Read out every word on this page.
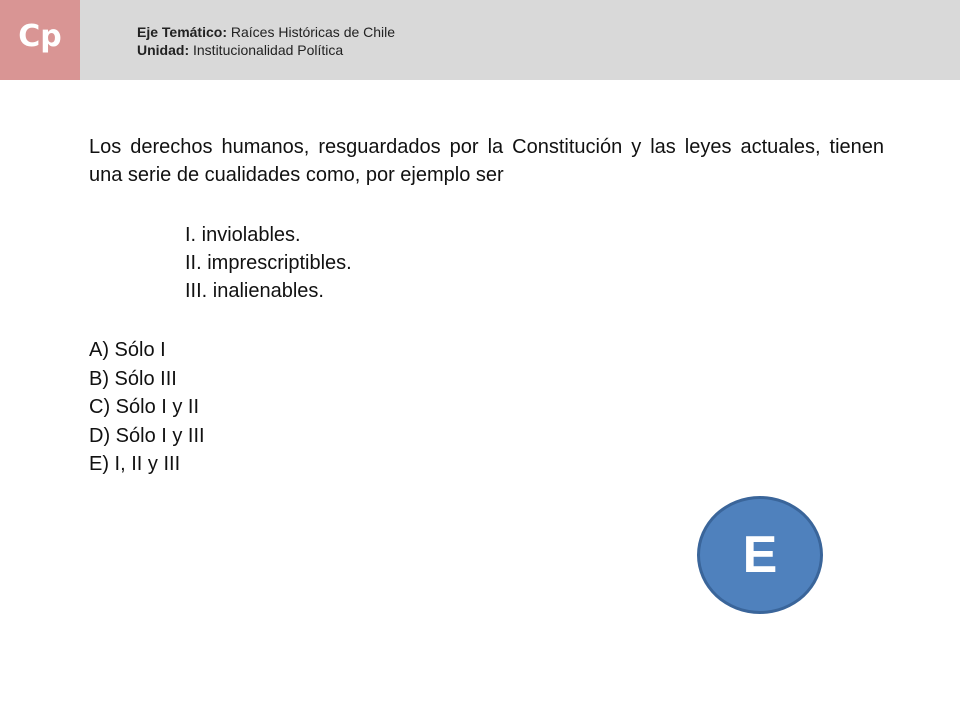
Cp	Eje Temático: Raíces Históricas de Chile
Unidad: Institucionalidad Política
Los derechos humanos, resguardados por la Constitución y las leyes actuales, tienen una serie de cualidades como, por ejemplo ser
I. inviolables.
II. imprescriptibles.
III. inalienables.
A) Sólo I
B) Sólo III
C) Sólo I y II
D) Sólo I y III
E) I, II y III
E
